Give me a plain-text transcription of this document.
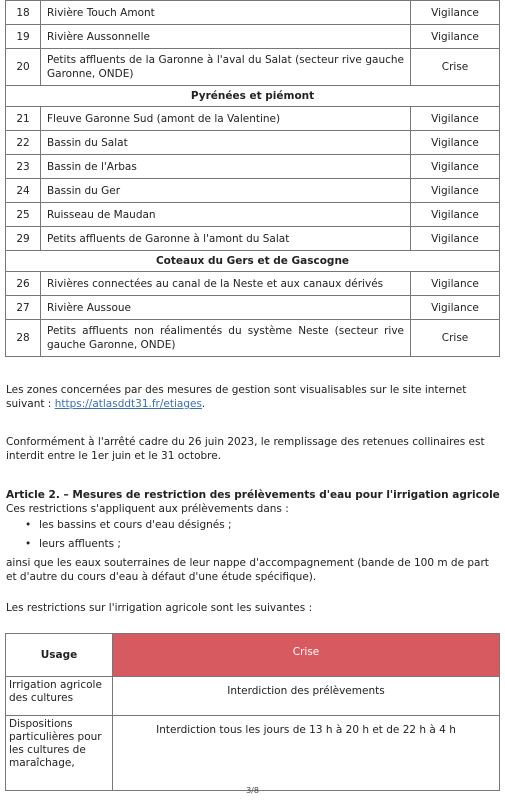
18	Rivière Touch Amont	Vigilance
19	Rivière Aussonnelle	Vigilance
20	Petits affluents de la Garonne à l'aval du Salat (secteur rive gauche Garonne, ONDE)	Crise
Pyrénées et piémont		
21	Fleuve Garonne Sud (amont de la Valentine)	Vigilance
22	Bassin du Salat	Vigilance
23	Bassin de l'Arbas	Vigilance
24	Bassin du Ger	Vigilance
25	Ruisseau de Maudan	Vigilance
29	Petits affluents de Garonne à l'amont du Salat	Vigilance
Coteaux du Gers et de Gascogne		
26	Rivières connectées au canal de la Neste et aux canaux dérivés	Vigilance
27	Rivière Aussoue	Vigilance
28	Petits affluents non réalimentés du système Neste (secteur rive gauche Garonne, ONDE)	Crise

Les zones concernées par des mesures de gestion sont visualisables sur le site internet suivant : https://atlasddt31.fr/etiages.

Conformément à l'arrêté cadre du 26 juin 2023, le remplissage des retenues collinaires est interdit entre le 1er juin et le 31 octobre.

Article 2. – Mesures de restriction des prélèvements d'eau pour l'irrigation agricole

Ces restrictions s'appliquent aux prélèvements dans :

• les bassins et cours d'eau désignés ;
• leurs affluents ;

ainsi que les eaux souterraines de leur nappe d'accompagnement (bande de 100 m de part et d'autre du cours d'eau à défaut d'une étude spécifique).

Les restrictions sur l'irrigation agricole sont les suivantes :

Usage	Crise
Irrigation agricole des cultures	Interdiction des prélèvements
Dispositions particulières pour les cultures de maraîchage,	Interdiction tous les jours de 13 h à 20 h et de 22 h à 4 h
3/8
